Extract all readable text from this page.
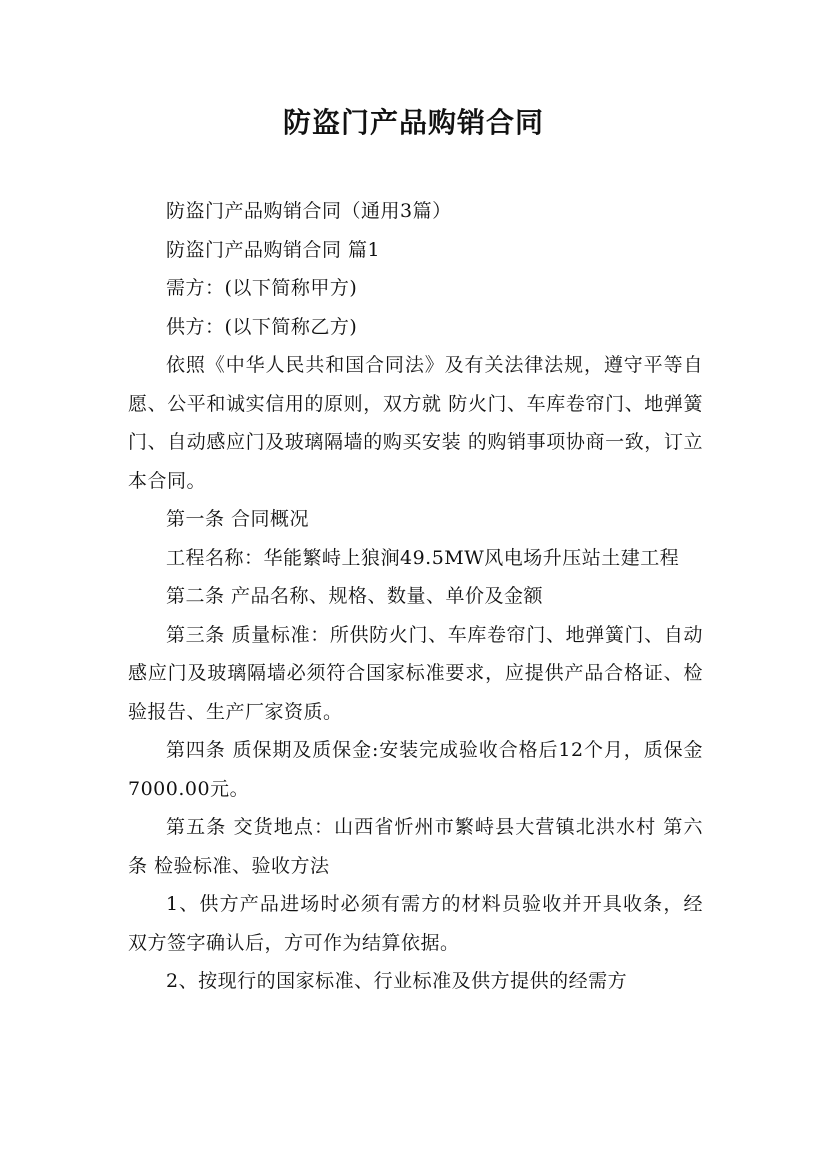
防盗门产品购销合同

防盗门产品购销合同（通用3篇）

防盗门产品购销合同 篇1

需方：(以下简称甲方)

供方：(以下简称乙方)

依照《中华人民共和国合同法》及有关法律法规，遵守平等自愿、公平和诚实信用的原则，双方就 防火门、车库卷帘门、地弹簧门、自动感应门及玻璃隔墙的购买安装 的购销事项协商一致，订立本合同。

第一条 合同概况

工程名称：华能繁峙上狼涧49.5MW风电场升压站土建工程

第二条 产品名称、规格、数量、单价及金额

第三条 质量标准：所供防火门、车库卷帘门、地弹簧门、自动感应门及玻璃隔墙必须符合国家标准要求，应提供产品合格证、检验报告、生产厂家资质。

第四条 质保期及质保金:安装完成验收合格后12个月，质保金7000.00元。

第五条 交货地点：山西省忻州市繁峙县大营镇北洪水村 第六条 检验标准、验收方法

1、供方产品进场时必须有需方的材料员验收并开具收条，经双方签字确认后，方可作为结算依据。

2、按现行的国家标准、行业标准及供方提供的经需方
